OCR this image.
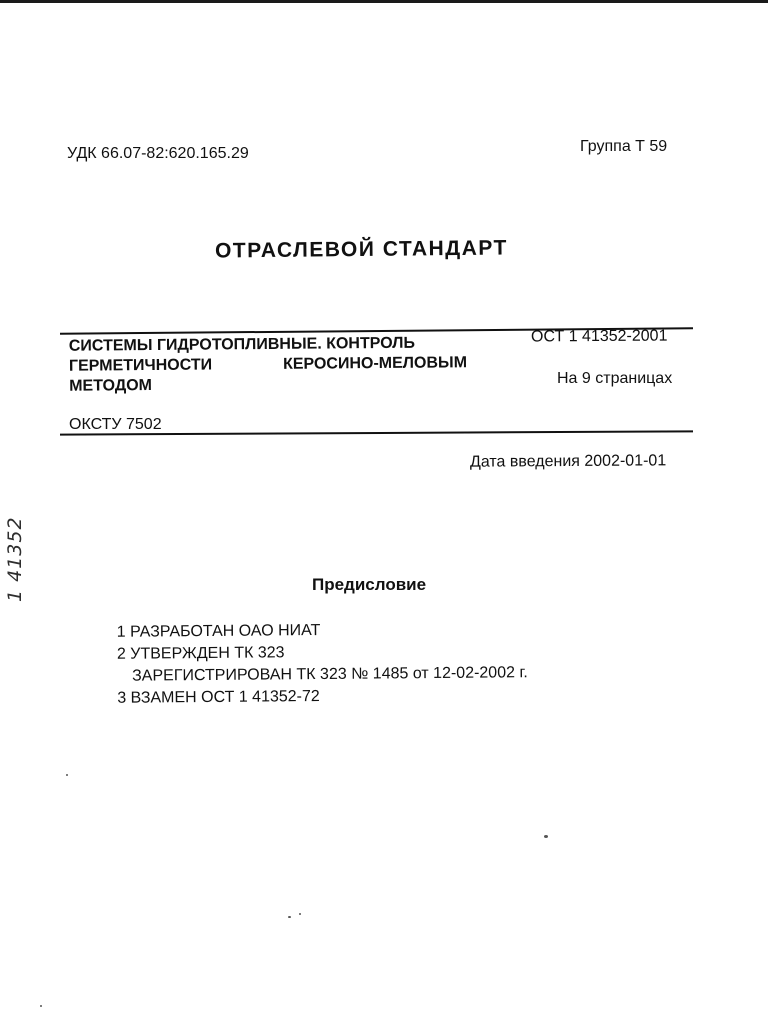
УДК 66.07-82:620.165.29	Группа Т 59
ОТРАСЛЕВОЙ СТАНДАРТ
СИСТЕМЫ ГИДРОТОПЛИВНЫЕ. КОНТРОЛЬ
ГЕРМЕТИЧНОСТИ	КЕРОСИНО-МЕЛОВЫМ
МЕТОДОМ
ОСТ 1 41352-2001
На 9 страницах
ОКСТУ 7502
Дата введения 2002-01-01
1 41352	Предисловие
1 РАЗРАБОТАН ОАО НИАТ
2 УТВЕРЖДЕН ТК 323
ЗАРЕГИСТРИРОВАН ТК 323 № 1485 от 12-02-2002 г.
3 ВЗАМЕН ОСТ 1 41352-72
